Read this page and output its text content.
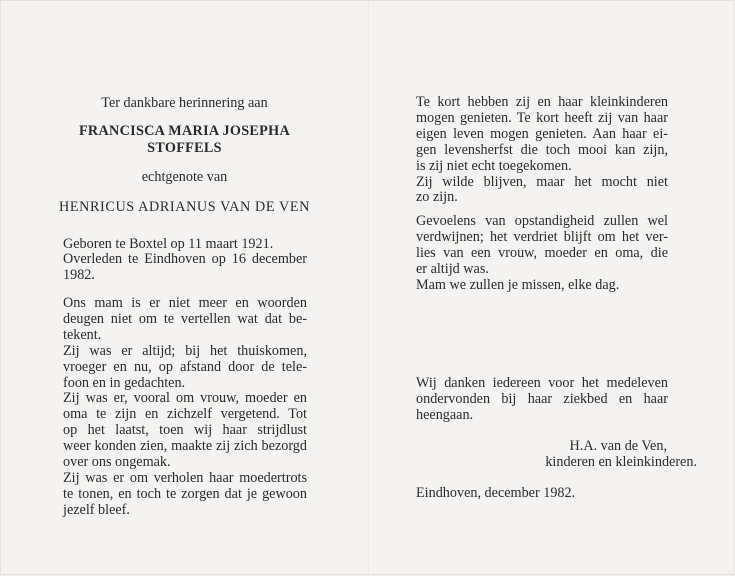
Ter dankbare herinnering aan
FRANCISCA MARIA JOSEPHA
STOFFELS
echtgenote van
HENRICUS ADRIANUS VAN DE VEN
Geboren te Boxtel op 11 maart 1921.
Overleden te Eindhoven op 16 december
1982.
Ons mam is er niet meer en woorden
deugen niet om te vertellen wat dat be-
tekent.
Zij was er altijd; bij het thuiskomen,
vroeger en nu, op afstand door de tele-
foon en in gedachten.
Zij was er, vooral om vrouw, moeder en
oma te zijn en zichzelf vergetend. Tot
op het laatst, toen wij haar strijdlust
weer konden zien, maakte zij zich bezorgd
over ons ongemak.
Zij was er om verholen haar moedertrots
te tonen, en toch te zorgen dat je gewoon
jezelf bleef.
Te kort hebben zij en haar kleinkinderen
mogen genieten. Te kort heeft zij van haar
eigen leven mogen genieten. Aan haar ei-
gen levensherfst die toch mooi kan zijn,
is zij niet echt toegekomen.
Zij wilde blijven, maar het mocht niet
zo zijn.
Gevoelens van opstandigheid zullen wel
verdwijnen; het verdriet blijft om het ver-
lies van een vrouw, moeder en oma, die
er altijd was.
Mam we zullen je missen, elke dag.
Wij danken iedereen voor het medeleven
ondervonden bij haar ziekbed en haar
heengaan.
H.A. van de Ven,
kinderen en kleinkinderen.
Eindhoven, december 1982.
